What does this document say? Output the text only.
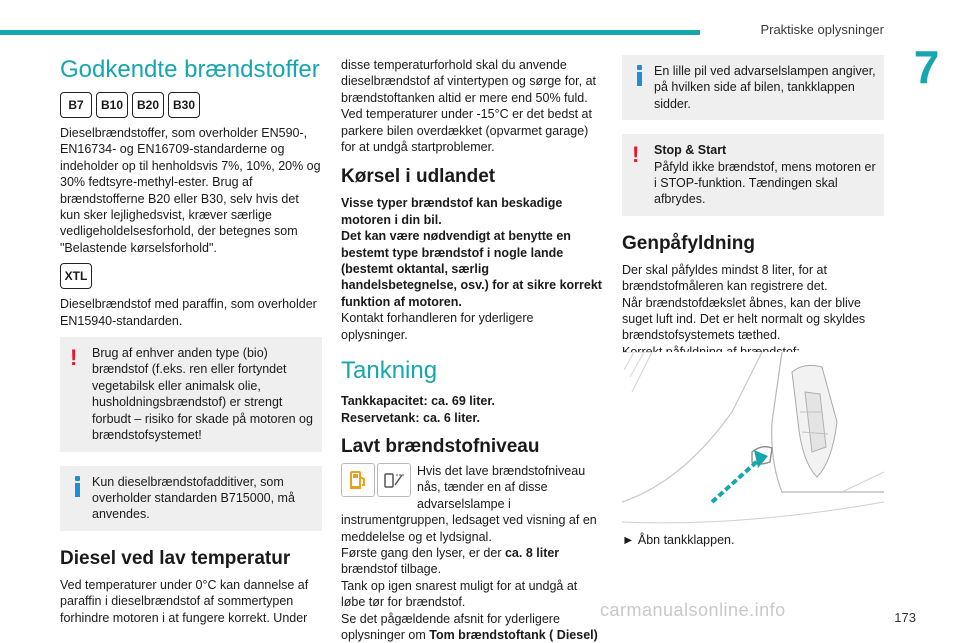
Praktiske oplysninger
7
Godkendte brændstoffer
B7	B10	B20	B30

Dieselbrændstoffer, som overholder EN590-, EN16734- og EN16709-standarderne og indeholder op til henholdsvis 7%, 10%, 20% og 30% fedtsyre-methyl-ester. Brug af brændstofferne B20 eller B30, selv hvis det kun sker lejlighedsvist, kræver særlige vedligeholdelsesforhold, der betegnes som "Belastende kørselsforhold".

XTL

Dieselbrændstof med paraffin, som overholder EN15940-standarden.

!	Brug af enhver anden type (bio) brændstof (f.eks. ren eller fortyndet vegetabilsk eller animalsk olie, husholdningsbrændstof) er strengt forbudt – risiko for skade på motoren og brændstofsystemet!

Kun dieselbrændstofadditiver, som overholder standarden B715000, må anvendes.

Diesel ved lav temperatur

Ved temperaturer under 0°C kan dannelse af paraffin i dieselbrændstof af sommertypen forhindre motoren i at fungere korrekt. Under

disse temperaturforhold skal du anvende dieselbrændstof af vintertypen og sørge for, at brændstoftanken altid er mere end 50% fuld. Ved temperaturer under -15°C er det bedst at parkere bilen overdækket (opvarmet garage) for at undgå startproblemer.

Kørsel i udlandet

Visse typer brændstof kan beskadige motoren i din bil.

Det kan være nødvendigt at benytte en bestemt type brændstof i nogle lande (bestemt oktantal, særlig handelsbetegnelse, osv.) for at sikre korrekt funktion af motoren.

Kontakt forhandleren for yderligere oplysninger.

Tankning

Tankkapacitet: ca. 69 liter.

Reservetank: ca. 6 liter.

Lavt brændstofniveau

Hvis det lave brændstofniveau nås, tænder en af disse advarselslampe i instrumentgruppen, ledsaget ved visning af en meddelelse og et lydsignal.

Første gang den lyser, er der ca. 8 liter brændstof tilbage.

Tank op igen snarest muligt for at undgå at løbe tør for brændstof.

Se det pågældende afsnit for yderligere oplysninger om Tom brændstoftank ( Diesel)

En lille pil ved advarselslampen angiver, på hvilken side af bilen, tankklappen sidder.

!	Stop & Start

Påfyld ikke brændstof, mens motoren er i STOP-funktion. Tændingen skal afbrydes.

Genpåfyldning

Der skal påfyldes mindst 8 liter, for at brændstofmåleren kan registrere det.

Når brændstofdækslet åbnes, kan der blive suget luft ind. Det er helt normalt og skyldes brændstofsystemets tæthed.

► Åbn tankklappen.

carmanualsonline.info	173
